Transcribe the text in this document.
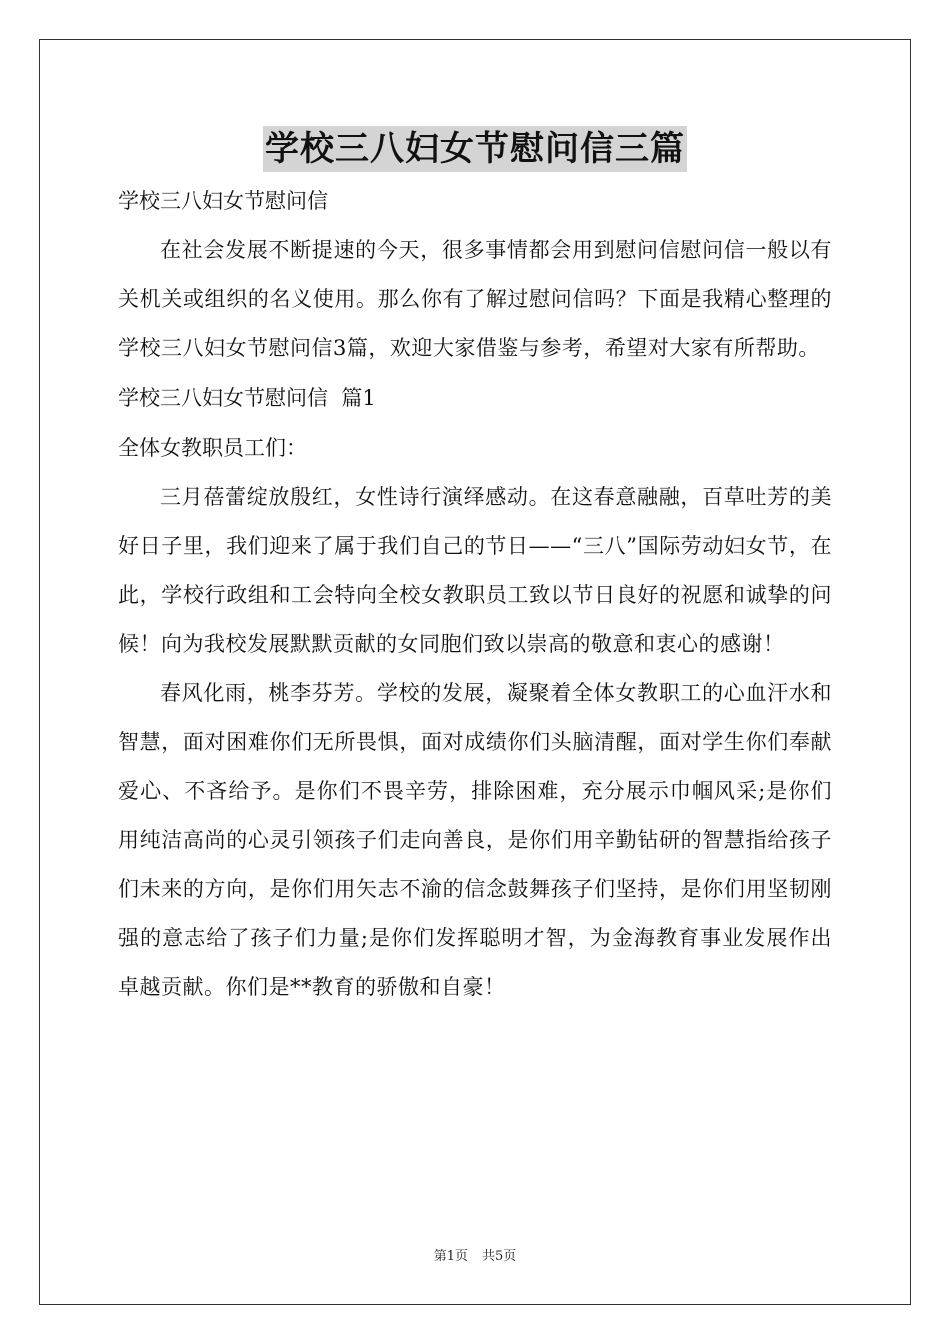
学校三八妇女节慰问信三篇

学校三八妇女节慰问信

在社会发展不断提速的今天，很多事情都会用到慰问信慰问信一般以有关机关或组织的名义使用。那么你有了解过慰问信吗？下面是我精心整理的学校三八妇女节慰问信3篇，欢迎大家借鉴与参考，希望对大家有所帮助。

学校三八妇女节慰问信  篇1

全体女教职员工们：

三月蓓蕾绽放殷红，女性诗行演绎感动。在这春意融融，百草吐芳的美好日子里，我们迎来了属于我们自己的节日——“三八”国际劳动妇女节，在此，学校行政组和工会特向全校女教职员工致以节日良好的祝愿和诚挚的问候！向为我校发展默默贡献的女同胞们致以崇高的敬意和衷心的感谢！

春风化雨，桃李芬芳。学校的发展，凝聚着全体女教职工的心血汗水和智慧，面对困难你们无所畏惧，面对成绩你们头脑清醒，面对学生你们奉献爱心、不吝给予。是你们不畏辛劳，排除困难，充分展示巾帼风采;是你们用纯洁高尚的心灵引领孩子们走向善良，是你们用辛勤钻研的智慧指给孩子们未来的方向，是你们用矢志不渝的信念鼓舞孩子们坚持，是你们用坚韧刚强的意志给了孩子们力量;是你们发挥聪明才智，为金海教育事业发展作出卓越贡献。你们是**教育的骄傲和自豪！

第1页 共5页
